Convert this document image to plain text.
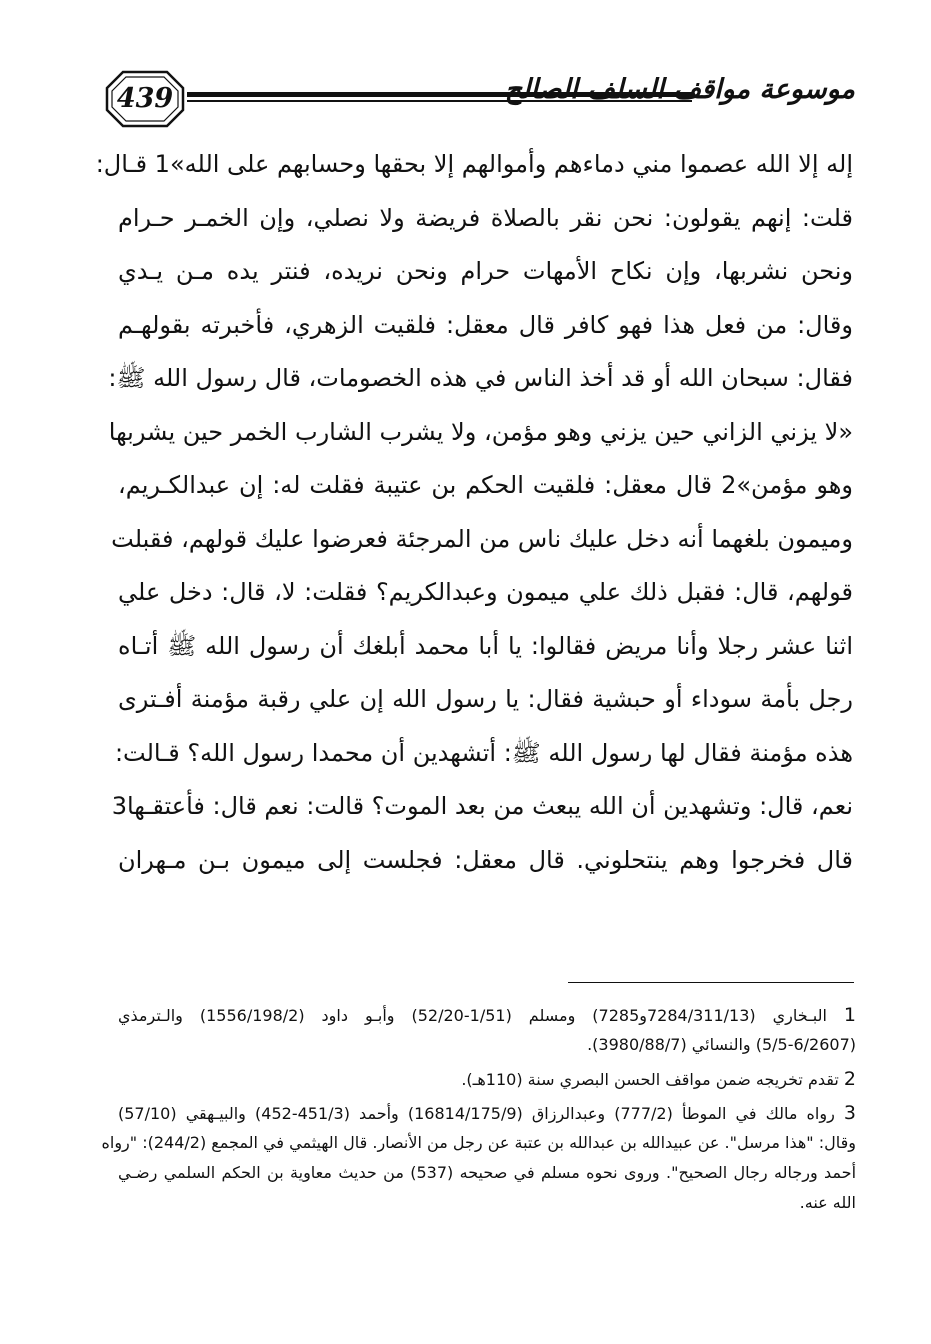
439	موسوعة مواقف السلف الصالح
إله إلا الله عصموا مني دماءهم وأموالهم إلا بحقها وحسابهم على الله»1 قـال:
قلت: إنهم يقولون: نحن نقر بالصلاة فريضة ولا نصلي، وإن الخمـر حـرام
ونحن نشربها، وإن نكاح الأمهات حرام ونحن نريده، فنتر يده مـن يـدي
وقال: من فعل هذا فهو كافر قال معقل: فلقيت الزهري، فأخبرته بقولهـم
فقال: سبحان الله أو قد أخذ الناس في هذه الخصومات، قال رسول الله ﷺ:
«لا يزني الزاني حين يزني وهو مؤمن، ولا يشرب الشارب الخمر حين يشربها
وهو مؤمن»2 قال معقل: فلقيت الحكم بن عتيبة فقلت له: إن عبدالكـريم،
وميمون بلغهما أنه دخل عليك ناس من المرجئة فعرضوا عليك قولهم، فقبلت
قولهم، قال: فقبل ذلك علي ميمون وعبدالكريم؟ فقلت: لا، قال: دخل علي
اثنا عشر رجلا وأنا مريض فقالوا: يا أبا محمد أبلغك أن رسول الله ﷺ أتـاه
رجل بأمة سوداء أو حبشية فقال: يا رسول الله إن علي رقبة مؤمنة أفـترى
هذه مؤمنة فقال لها رسول الله ﷺ: أتشهدين أن محمدا رسول الله؟ قـالت:
نعم، قال: وتشهدين أن الله يبعث من بعد الموت؟ قالت: نعم قال: فأعتقـها3
قال فخرجوا وهم ينتحلوني. قال معقل: فجلست إلى ميمون بـن مـهران
1 البـخاري (7284/311/13و7285) ومسلم (1/51-52/20) وأبـو داود (1556/198/2) والـترمذي
(5/5-6/2607) والنسائي (3980/88/7).
2 تقدم تخريجه ضمن مواقف الحسن البصري سنة (110هـ).
3 رواه مالك في الموطأ (777/2) وعبدالرزاق (16814/175/9) وأحمد (451/3-452) والبيـهقي (57/10)
وقال: "هذا مرسل". عن عبيدالله بن عبدالله بن عتبة عن رجل من الأنصار. قال الهيثمي في المجمع (244/2): "رواه
أحمد ورجاله رجال الصحيح". وروى نحوه مسلم في صحيحه (537) من حديث معاوية بن الحكم السلمي رضـي
الله عنه.
